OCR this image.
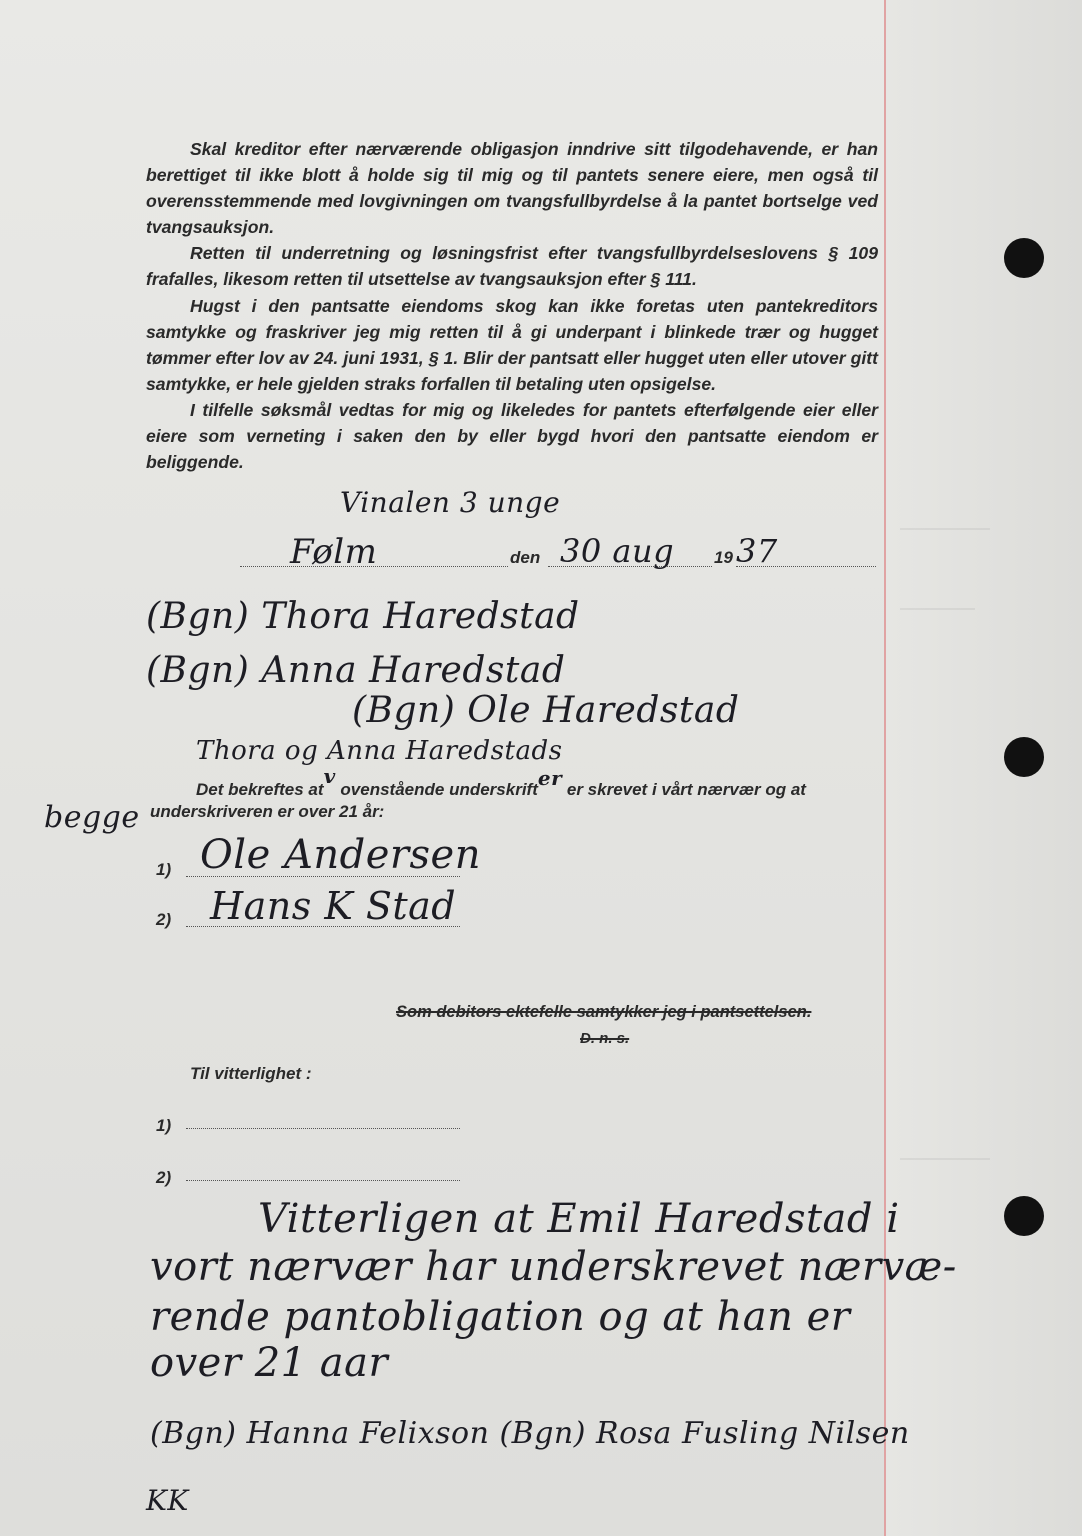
——————
—————
——————

Skal kreditor efter nærværende obligasjon inndrive sitt tilgodehavende, er han berettiget til ikke blott å holde sig til mig og til pantets senere eiere, men også til overensstemmende med lovgivningen om tvangsfullbyrdelse å la pantet bortselge ved tvangsauksjon.

Retten til underretning og løsningsfrist efter tvangsfullbyrdelseslovens § 109 frafalles, likesom retten til utsettelse av tvangsauksjon efter § 111.

Hugst i den pantsatte eiendoms skog kan ikke foretas uten pantekreditors samtykke og fraskriver jeg mig retten til å gi underpant i blinkede trær og hugget tømmer efter lov av 24. juni 1931, § 1. Blir der pantsatt eller hugget uten eller utover gitt samtykke, er hele gjelden straks forfallen til betaling uten opsigelse.

I tilfelle søksmål vedtas for mig og likeledes for pantets efterfølgende eier eller eiere som verneting i saken den by eller bygd hvori den pantsatte eiendom er beliggende.

Vinalen 3 unge
Følm	den 30 aug 19 37
(Bgn) Thora Haredstad
(Bgn) Anna Haredstad
(Bgn) Ole Haredstad
Thora og Anna Haredstads
Det bekreftes atv ovenstående underskrifter er skrevet i vårt nærvær og at
underskriveren er over 21 år:
begge
1) Ole Andersen
2) Hans K Stad
Som debitors ektefelle samtykker jeg i pantsettelsen.
D. n. s.
Til vitterlighet :
1)
2)
Vitterligen at Emil Haredstad i
vort nærvær har underskrevet nærvæ-
rende pantobligation og at han er
over 21 aar
(Bgn) Hanna Felixson (Bgn) Rosa Fusling Nilsen
KK
